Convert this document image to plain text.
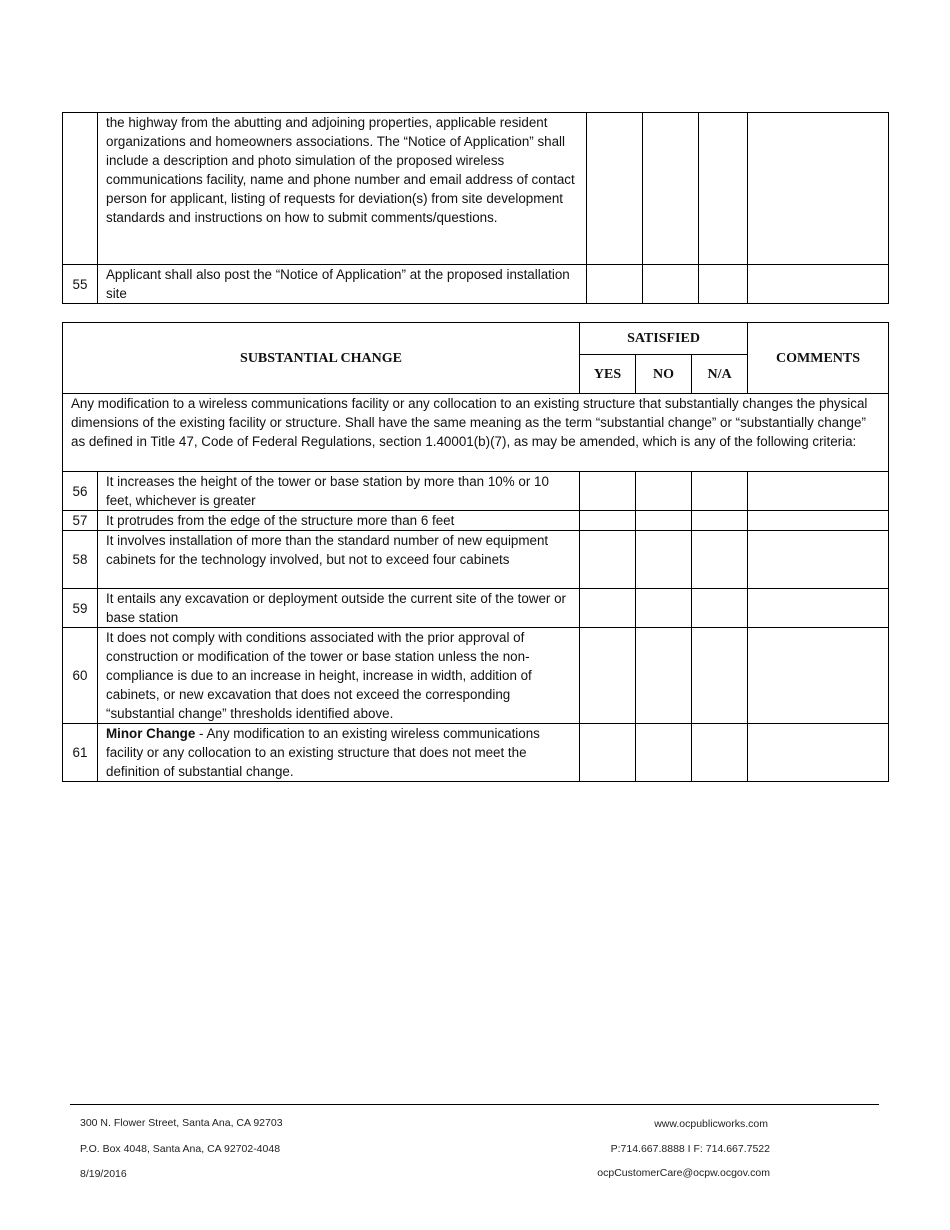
	the highway from the abutting and adjoining properties, applicable resident organizations and homeowners associations. The “Notice of Application” shall include a description and photo simulation of the proposed wireless communications facility, name and phone number and email address of contact person for applicant, listing of requests for deviation(s) from site development standards and instructions on how to submit comments/questions.				
55	Applicant shall also post the “Notice of Application” at the proposed installation site				
SUBSTANTIAL CHANGE		SATISFIED			COMMENTS
		YES	NO	N/A	
Any modification to a wireless communications facility or any collocation to an existing structure that substantially changes the physical dimensions of the existing facility or structure. Shall have the same meaning as the term “substantial change” or “substantially change” as defined in Title 47, Code of Federal Regulations, section 1.40001(b)(7), as may be amended, which is any of the following criteria:					
56	It increases the height of the tower or base station by more than 10% or 10 feet, whichever is greater				
57	It protrudes from the edge of the structure more than 6 feet				
58	It involves installation of more than the standard number of new equipment cabinets for the technology involved, but not to exceed four cabinets				
59	It entails any excavation or deployment outside the current site of the tower or base station				
60	It does not comply with conditions associated with the prior approval of construction or modification of the tower or base station unless the non-compliance is due to an increase in height, increase in width, addition of cabinets, or new excavation that does not exceed the corresponding “substantial change” thresholds identified above.				
61	Minor Change - Any modification to an existing wireless communications facility or any collocation to an existing structure that does not meet the definition of substantial change.				
300 N. Flower Street, Santa Ana, CA 92703
P.O. Box 4048, Santa Ana, CA 92702-4048
8/19/2016
www.ocpublicworks.com
P:714.667.8888 I F: 714.667.7522
ocpCustomerCare@ocpw.ocgov.com
